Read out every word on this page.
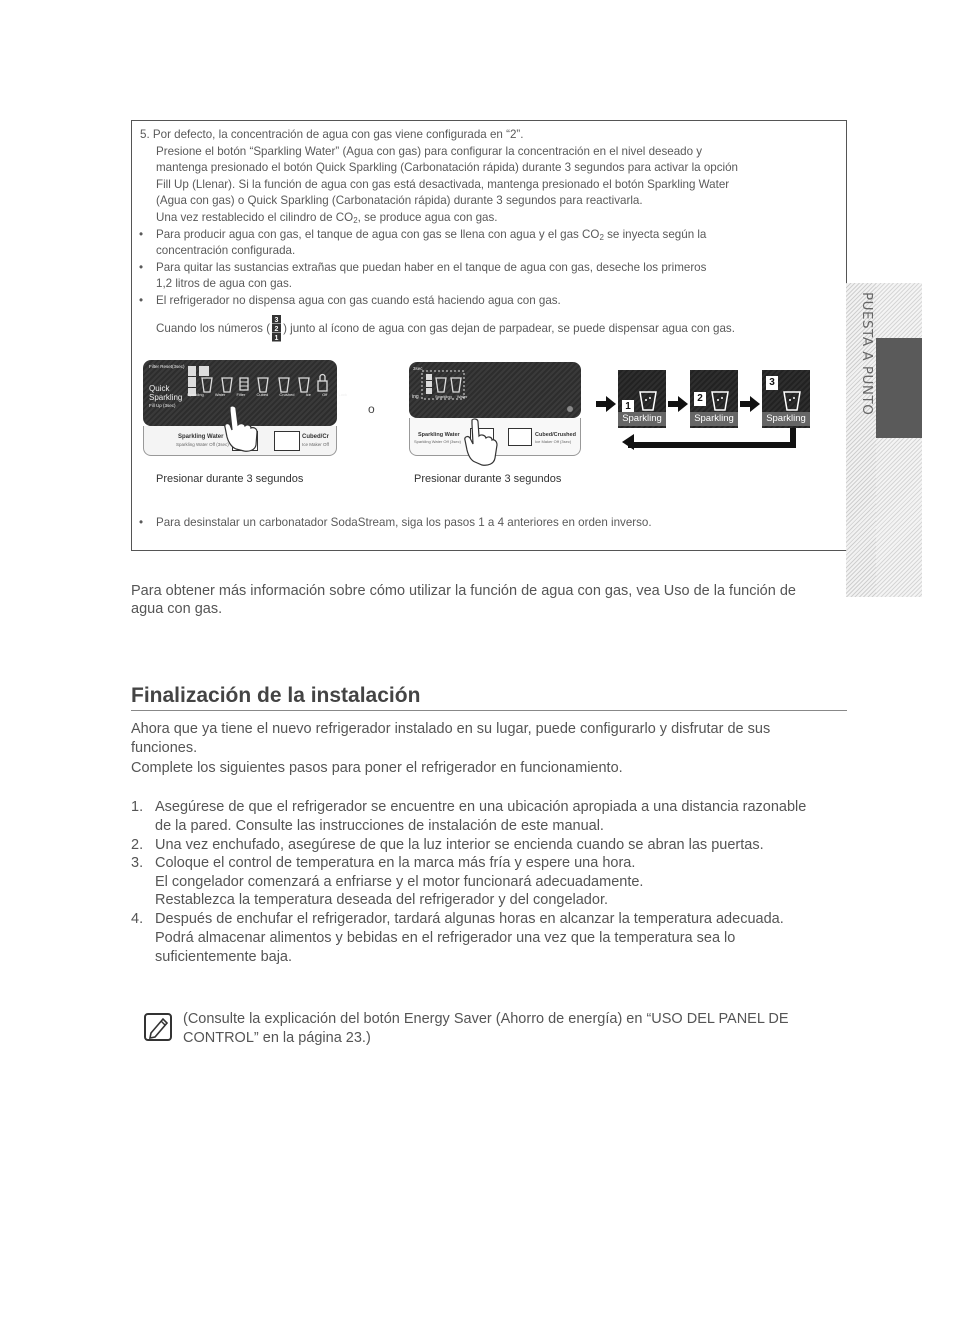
5. Por defecto, la concentración de agua con gas viene configurada en “2”.
Presione el botón “Sparkling Water” (Agua con gas) para configurar la concentración en el nivel deseado y
mantenga presionado el botón Quick Sparkling (Carbonatación rápida) durante 3 segundos para activar la opción
Fill Up (Llenar). Si la función de agua con gas está desactivada, mantenga presionado el botón Sparkling Water
(Agua con gas) o Quick Sparkling (Carbonatación rápida) durante 3 segundos para reactivarla.
Una vez restablecido el cilindro de CO2, se produce agua con gas.
• Para producir agua con gas, el tanque de agua con gas se llena con agua y el gas CO2 se inyecta según la
concentración configurada.
• Para quitar las sustancias extrañas que puedan haber en el tanque de agua con gas, deseche los primeros
1,2 litros de agua con gas.
• El refrigerador no dispensa agua con gas cuando está haciendo agua con gas.
Cuando los números (
3
2
1
) junto al ícono de agua con gas dejan de parpadear, se puede dispensar agua con gas.
Filter Reset(3sec)
Quick
Sparkling
Fill Up (3sec)
Sparkling	Water	Filter	Cubed	Crushed	Ice Off	Lock
Sparkling Water
Sparkling Water Off (3sec)
Cubed/Cr
Ice Maker Off
o
3sec
ing	Sparkling Water
Sparkling Water
Sparkling Water Off (3sec)
Cubed/Crushed
Ice Maker Off (3sec)
1
Sparkling
2
Sparkling
3
Sparkling
Presionar durante 3 segundos	Presionar durante 3 segundos
• Para desinstalar un carbonatador SodaStream, siga los pasos 1 a 4 anteriores en orden inverso.
PUESTA A PUNTO
Para obtener más información sobre cómo utilizar la función de agua con gas, vea Uso de la función de
agua con gas.
Finalización de la instalación
Ahora que ya tiene el nuevo refrigerador instalado en su lugar, puede configurarlo y disfrutar de sus
funciones.
Complete los siguientes pasos para poner el refrigerador en funcionamiento.
1. Asegúrese de que el refrigerador se encuentre en una ubicación apropiada a una distancia razonable
de la pared. Consulte las instrucciones de instalación de este manual.
2. Una vez enchufado, asegúrese de que la luz interior se encienda cuando se abran las puertas.
3. Coloque el control de temperatura en la marca más fría y espere una hora.
El congelador comenzará a enfriarse y el motor funcionará adecuadamente.
Restablezca la temperatura deseada del refrigerador y del congelador.
4. Después de enchufar el refrigerador, tardará algunas horas en alcanzar la temperatura adecuada.
Podrá almacenar alimentos y bebidas en el refrigerador una vez que la temperatura sea lo
suficientemente baja.
(Consulte la explicación del botón Energy Saver (Ahorro de energía) en “USO DEL PANEL DE
CONTROL” en la página 23.)
